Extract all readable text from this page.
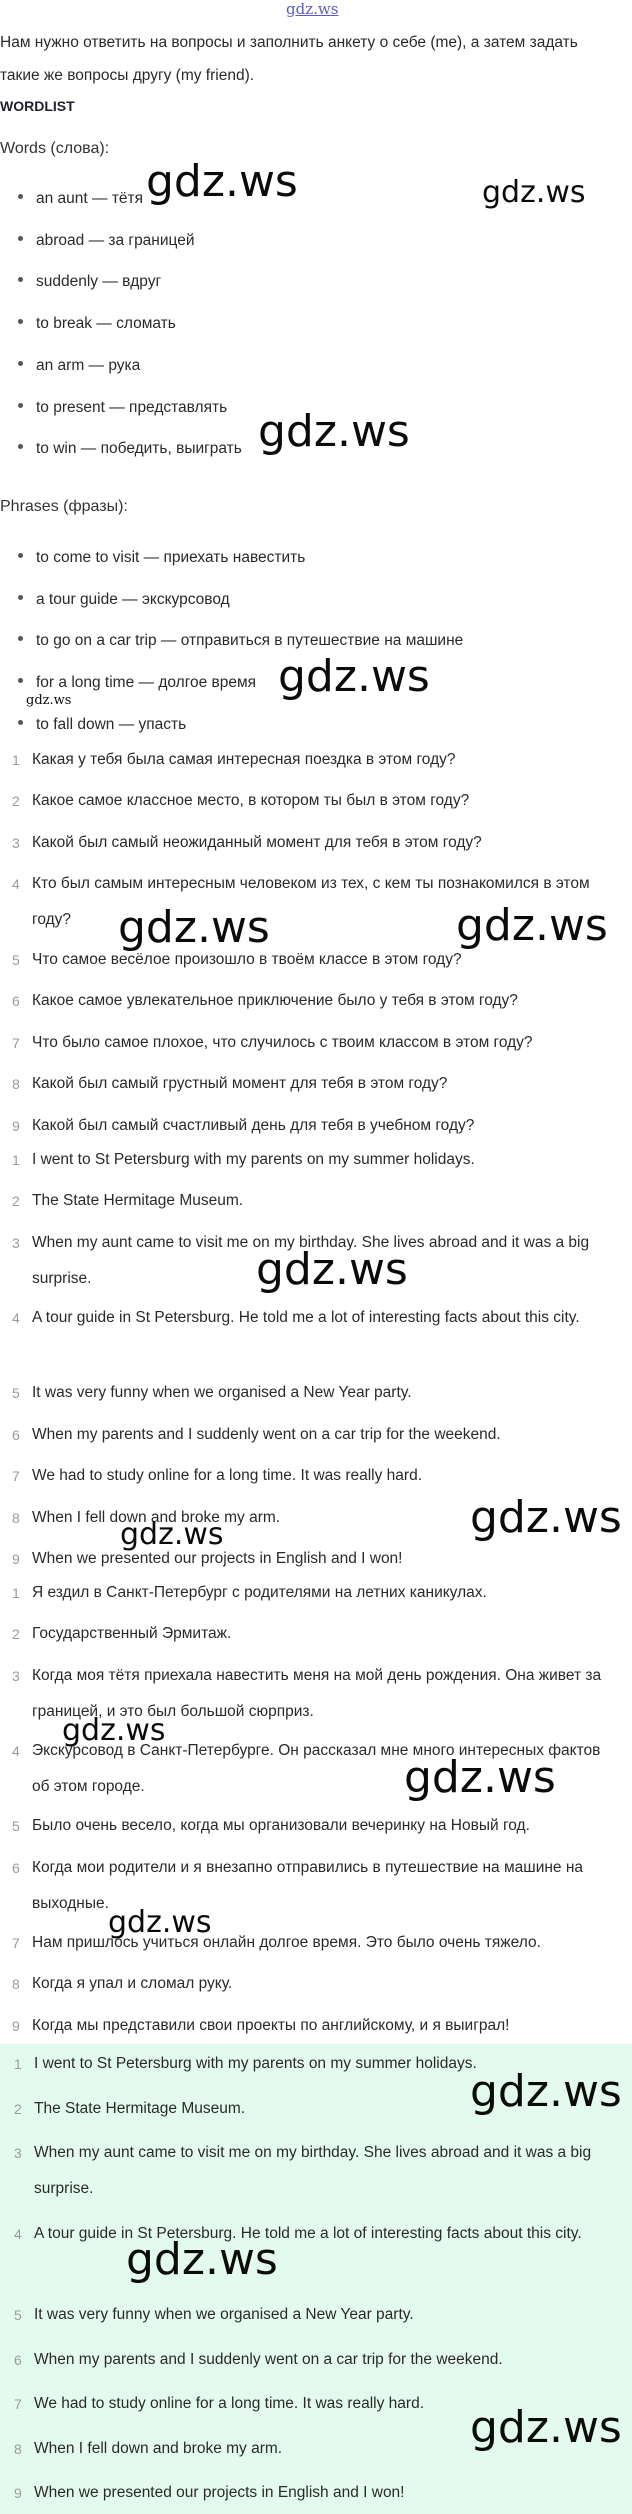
gdz.ws
Нам нужно ответить на вопросы и заполнить анкету о себе (me), а затем задать такие же вопросы другу (my friend).
WORDLIST
Words (слова):
an aunt — тётя
abroad — за границей
suddenly — вдруг
to break — сломать
an arm — рука
to present — представлять
to win — победить, выиграть
Phrases (фразы):
to come to visit — приехать навестить
a tour guide — экскурсовод
to go on a car trip — отправиться в путешествие на машине
for a long time — долгое время
to fall down — упасть
1 Какая у тебя была самая интересная поездка в этом году?
2 Какое самое классное место, в котором ты был в этом году?
3 Какой был самый неожиданный момент для тебя в этом году?
4 Кто был самым интересным человеком из тех, с кем ты познакомился в этом году?
5 Что самое весёлое произошло в твоём классе в этом году?
6 Какое самое увлекательное приключение было у тебя в этом году?
7 Что было самое плохое, что случилось с твоим классом в этом году?
8 Какой был самый грустный момент для тебя в этом году?
9 Какой был самый счастливый день для тебя в учебном году?
1 I went to St Petersburg with my parents on my summer holidays.
2 The State Hermitage Museum.
3 When my aunt came to visit me on my birthday. She lives abroad and it was a big surprise.
4 A tour guide in St Petersburg. He told me a lot of interesting facts about this city.
5 It was very funny when we organised a New Year party.
6 When my parents and I suddenly went on a car trip for the weekend.
7 We had to study online for a long time. It was really hard.
8 When I fell down and broke my arm.
9 When we presented our projects in English and I won!
1 Я ездил в Санкт-Петербург с родителями на летних каникулах.
2 Государственный Эрмитаж.
3 Когда моя тётя приехала навестить меня на мой день рождения. Она живет за границей, и это был большой сюрприз.
4 Экскурсовод в Санкт-Петербурге. Он рассказал мне много интересных фактов об этом городе.
5 Было очень весело, когда мы организовали вечеринку на Новый год.
6 Когда мои родители и я внезапно отправились в путешествие на машине на выходные.
7 Нам пришлось учиться онлайн долгое время. Это было очень тяжело.
8 Когда я упал и сломал руку.
9 Когда мы представили свои проекты по английскому, и я выиграл!
1 I went to St Petersburg with my parents on my summer holidays.
2 The State Hermitage Museum.
3 When my aunt came to visit me on my birthday. She lives abroad and it was a big surprise.
4 A tour guide in St Petersburg. He told me a lot of interesting facts about this city.
5 It was very funny when we organised a New Year party.
6 When my parents and I suddenly went on a car trip for the weekend.
7 We had to study online for a long time. It was really hard.
8 When I fell down and broke my arm.
9 When we presented our projects in English and I won!
gdz.ws	gdz.ws
gdz.ws
gdz.ws
gdz.ws
gdz.ws	gdz.ws
gdz.ws
gdz.ws
gdz.ws
gdz.ws
gdz.ws
gdz.ws
gdz.ws
gdz.ws
gdz.ws
